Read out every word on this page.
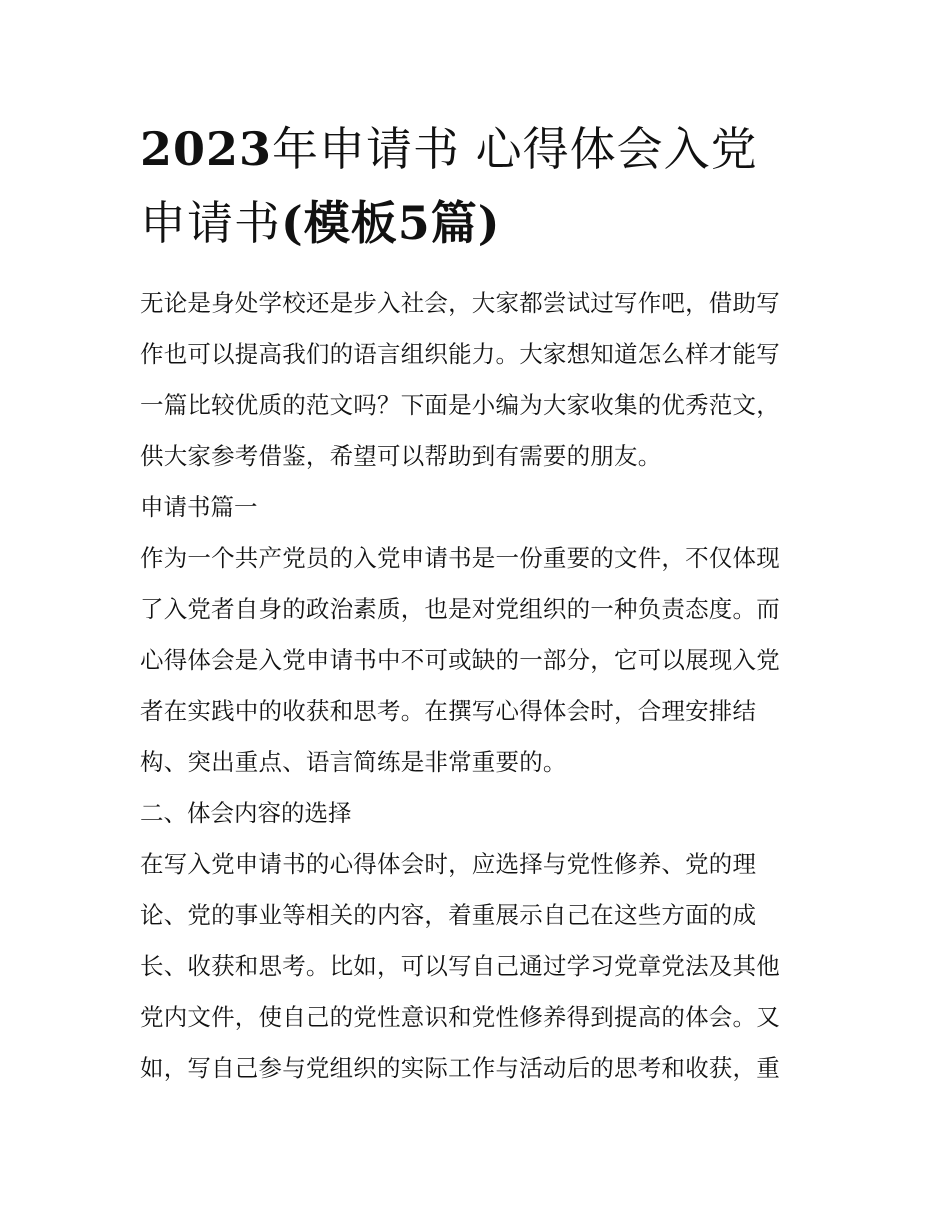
2023年申请书 心得体会入党
申请书(模板5篇)

无论是身处学校还是步入社会，大家都尝试过写作吧，借助写
作也可以提高我们的语言组织能力。大家想知道怎么样才能写
一篇比较优质的范文吗？下面是小编为大家收集的优秀范文，
供大家参考借鉴，希望可以帮助到有需要的朋友。

申请书篇一

作为一个共产党员的入党申请书是一份重要的文件，不仅体现
了入党者自身的政治素质，也是对党组织的一种负责态度。而
心得体会是入党申请书中不可或缺的一部分，它可以展现入党
者在实践中的收获和思考。在撰写心得体会时，合理安排结
构、突出重点、语言简练是非常重要的。

二、体会内容的选择

在写入党申请书的心得体会时，应选择与党性修养、党的理
论、党的事业等相关的内容，着重展示自己在这些方面的成
长、收获和思考。比如，可以写自己通过学习党章党法及其他
党内文件，使自己的党性意识和党性修养得到提高的体会。又
如，写自己参与党组织的实际工作与活动后的思考和收获，重
